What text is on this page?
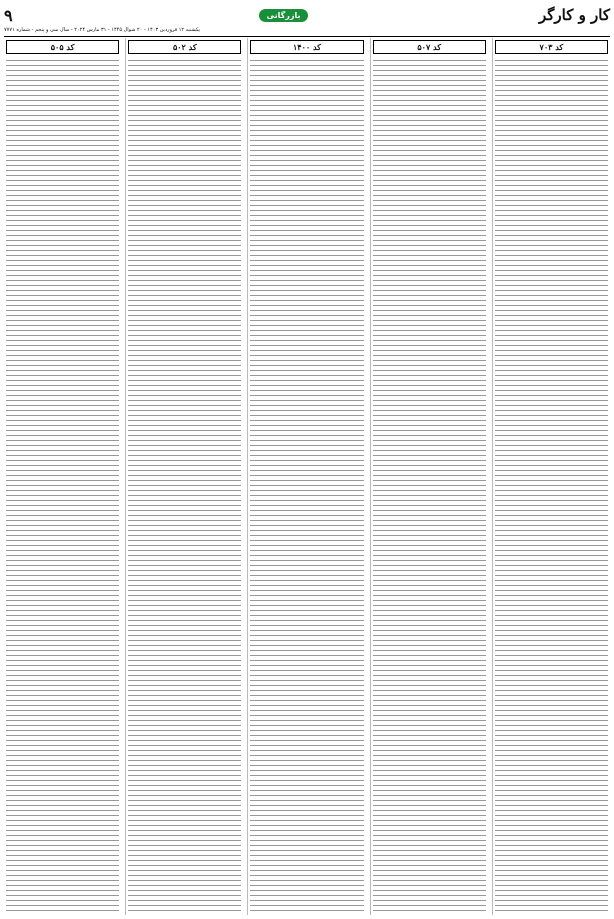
۹	بازرگانی	کار و کارگر
یکشنبه ۱۲ فروردین ۱۴۰۳ - ۲۰ شوال ۱۴۴۵ - ۳۱ مارس ۲۰۲۴ - سال سی و پنجم - شماره ۷۷۷۱
کد ۷۰۳
کد ۵۰۷
کد ۱۴۰۰
کد ۵۰۲
کد ۵۰۵
